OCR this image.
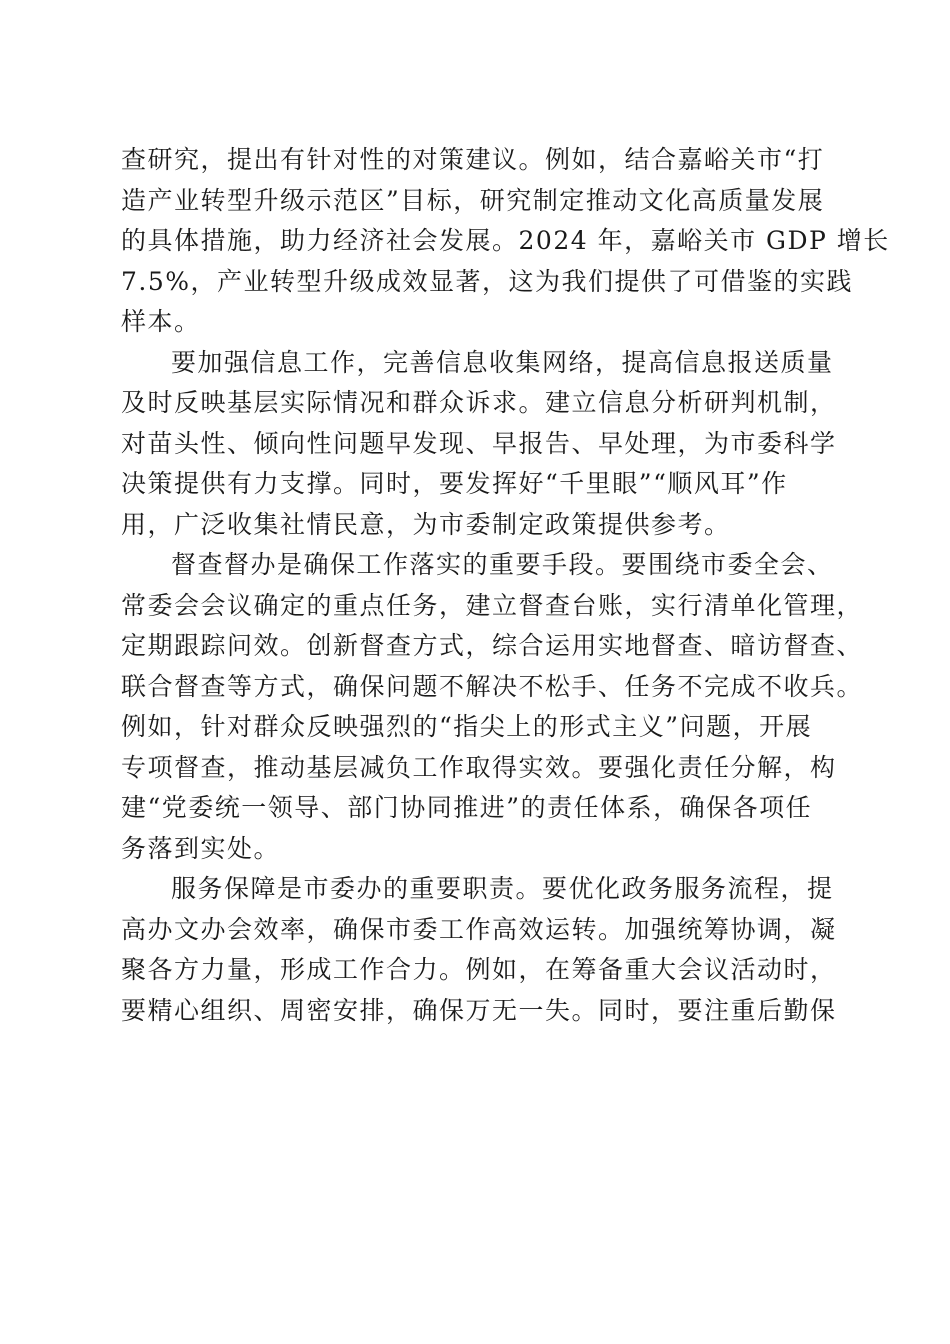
查研究，提出有针对性的对策建议。例如，结合嘉峪关市“打
造产业转型升级示范区”目标，研究制定推动文化高质量发展
的具体措施，助力经济社会发展。2024 年，嘉峪关市 GDP 增长
7.5%，产业转型升级成效显著，这为我们提供了可借鉴的实践
样本。
要加强信息工作，完善信息收集网络，提高信息报送质量
及时反映基层实际情况和群众诉求。建立信息分析研判机制，
对苗头性、倾向性问题早发现、早报告、早处理，为市委科学
决策提供有力支撑。同时，要发挥好“千里眼”“顺风耳”作
用，广泛收集社情民意，为市委制定政策提供参考。
督查督办是确保工作落实的重要手段。要围绕市委全会、
常委会会议确定的重点任务，建立督查台账，实行清单化管理，
定期跟踪问效。创新督查方式，综合运用实地督查、暗访督查、
联合督查等方式，确保问题不解决不松手、任务不完成不收兵。
例如，针对群众反映强烈的“指尖上的形式主义”问题，开展
专项督查，推动基层减负工作取得实效。要强化责任分解，构
建“党委统一领导、部门协同推进”的责任体系，确保各项任
务落到实处。
服务保障是市委办的重要职责。要优化政务服务流程，提
高办文办会效率，确保市委工作高效运转。加强统筹协调，凝
聚各方力量，形成工作合力。例如，在筹备重大会议活动时，
要精心组织、周密安排，确保万无一失。同时，要注重后勤保
